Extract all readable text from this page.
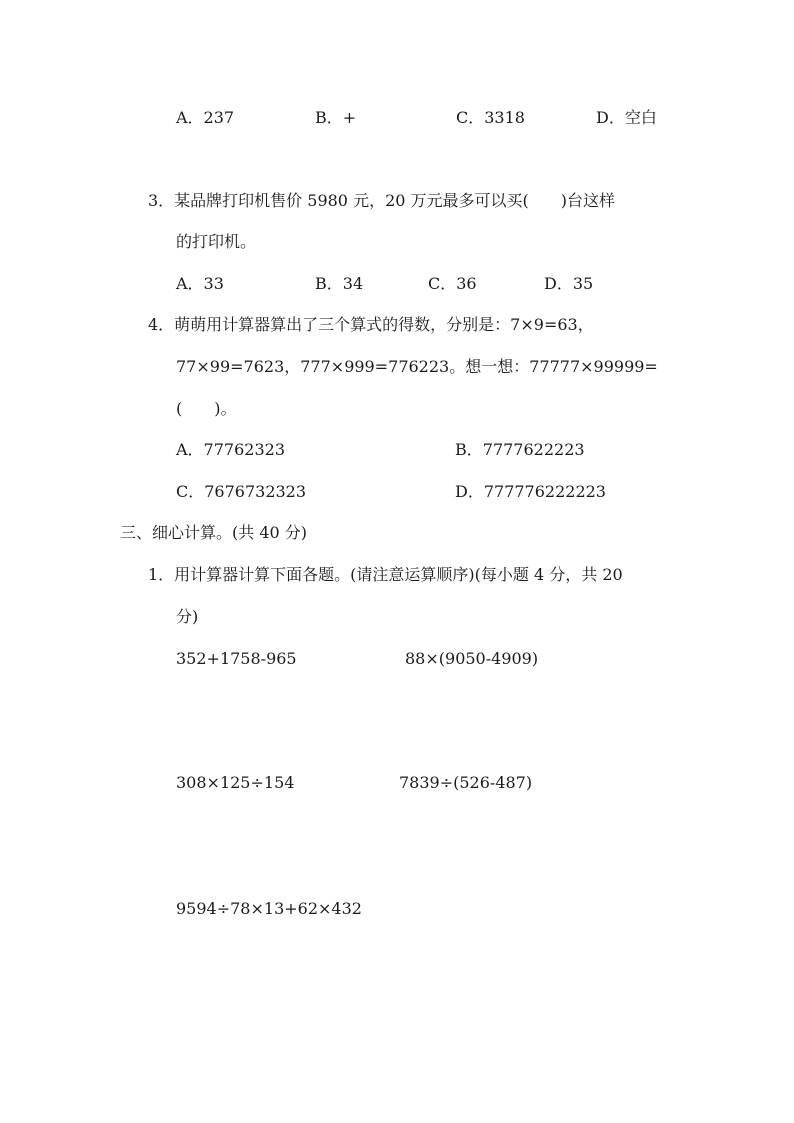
A．237	B．+	C．3318	D．空白
3．某品牌打印机售价 5980 元，20 万元最多可以买(　　)台这样
的打印机。
A．33	B．34	C．36	D．35
4．萌萌用计算器算出了三个算式的得数，分别是：7×9=63，
77×99=7623，777×999=776223。想一想：77777×99999=
(　　)。
A．77762323	B．7777622223
C．7676732323	D．777776222223
三、细心计算。(共 40 分)
1．用计算器计算下面各题。(请注意运算顺序)(每小题 4 分，共 20
分)
352+1758-965	88×(9050-4909)
308×125÷154	7839÷(526-487)
9594÷78×13+62×432
